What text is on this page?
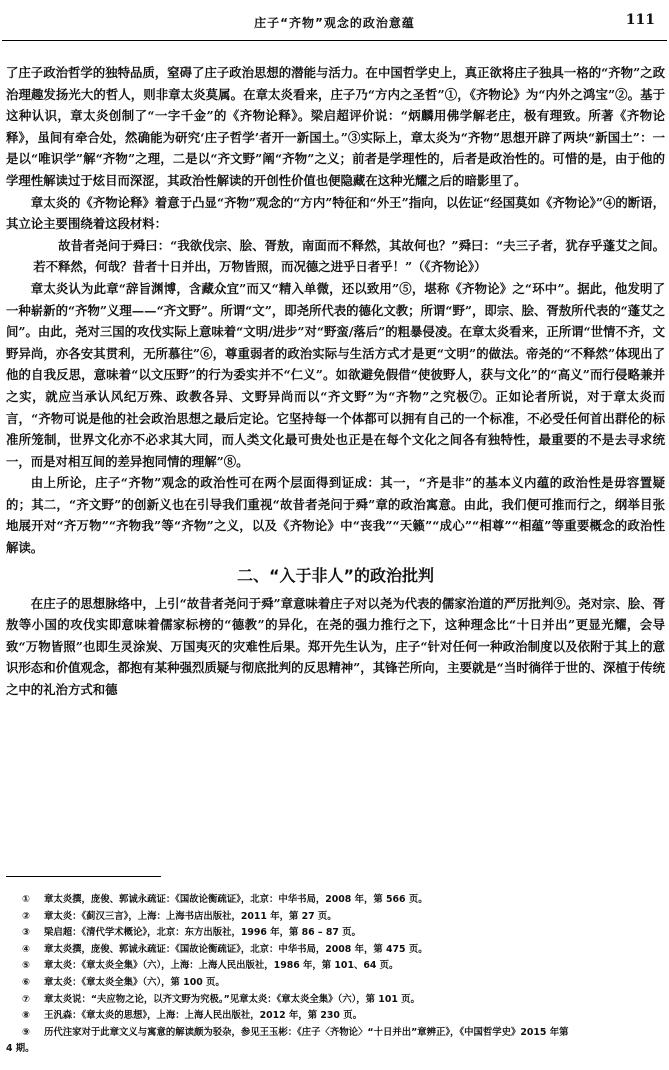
庄子“齐物”观念的政治意蕴	111

了庄子政治哲学的独特品质，窒碍了庄子政治思想的潜能与活力。在中国哲学史上，真正欲将庄子独具一格的“齐物”之政治理趣发扬光大的哲人，则非章太炎莫属。在章太炎看来，庄子乃“方内之圣哲”①，《齐物论》为“内外之鸿宝”②。基于这种认识，章太炎创制了“一字千金”的《齐物论释》。梁启超评价说：“炳麟用佛学解老庄，极有理致。所著《齐物论释》，虽间有牵合处，然确能为研究‘庄子哲学’者开一新国土。”③实际上，章太炎为“齐物”思想开辟了两块“新国土”：一是以“唯识学”解“齐物”之理，二是以“齐文野”阐“齐物”之义；前者是学理性的，后者是政治性的。可惜的是，由于他的学理性解读过于炫目而深涩，其政治性解读的开创性价值也便隐藏在这种光耀之后的暗影里了。

章太炎的《齐物论释》着意于凸显“齐物”观念的“方内”特征和“外王”指向，以佐证“经国莫如《齐物论》”④的断语，其立论主要围绕着这段材料：

故昔者尧问于舜曰：“我欲伐宗、脍、胥敖，南面而不释然，其故何也？”舜曰：“夫三子者，犹存乎蓬艾之间。若不释然，何哉？昔者十日并出，万物皆照，而况德之进乎日者乎！”（《齐物论》）

章太炎认为此章“辞旨渊博，含藏众宜”而又“精入单微，还以致用”⑤，堪称《齐物论》之“环中”。据此，他发明了一种崭新的“齐物”义理——“齐文野”。所谓“文”，即尧所代表的德化文教；所谓“野”，即宗、脍、胥敖所代表的“蓬艾之间”。由此，尧对三国的攻伐实际上意味着“文明/进步”对“野蛮/落后”的粗暴侵凌。在章太炎看来，正所谓“世情不齐，文野异尚，亦各安其贯利，无所慕往”⑥，尊重弱者的政治实际与生活方式才是更“文明”的做法。帝尧的“不释然”体现出了他的自我反思，意味着“以文压野”的行为委实并不“仁义”。如欲避免假借“使彼野人，获与文化”的“高义”而行侵略兼并之实，就应当承认风纪万殊、政教各异、文野异尚而以“齐文野”为“齐物”之究极⑦。正如论者所说，对于章太炎而言，“齐物可说是他的社会政治思想之最后定论。它坚持每一个体都可以拥有自己的一个标准，不必受任何首出群伦的标准所笼制，世界文化亦不必求其大同，而人类文化最可贵处也正是在每个文化之间各有独特性，最重要的不是去寻求统一，而是对相互间的差异抱同情的理解”⑧。

由上所论，庄子“齐物”观念的政治性可在两个层面得到证成：其一，“齐是非”的基本义内蕴的政治性是毋容置疑的；其二，“齐文野”的创新义也在引导我们重视“故昔者尧问于舜”章的政治寓意。由此，我们便可推而行之，纲举目张地展开对“齐万物”“齐物我”等“齐物”之义，以及《齐物论》中“丧我”“天籁”“成心”“相尊”“相蕴”等重要概念的政治性解读。

二、“入于非人”的政治批判

在庄子的思想脉络中，上引“故昔者尧问于舜”章意味着庄子对以尧为代表的儒家治道的严厉批判⑨。尧对宗、脍、胥敖等小国的攻伐实即意味着儒家标榜的“德教”的异化，在尧的强力推行之下，这种理念比“十日并出”更显光耀，会导致“万物皆照”也即生灵涂炭、万国夷灭的灾难性后果。郑开先生认为，庄子“针对任何一种政治制度以及依附于其上的意识形态和价值观念，都抱有某种强烈质疑与彻底批判的反思精神”，其锋芒所向，主要就是“当时徜徉于世的、深植于传统之中的礼治方式和德

① 章太炎撰，庞俊、郭诚永疏证：《国故论衡疏证》，北京：中华书局，2008 年，第 566 页。
② 章太炎：《蓟汉三言》，上海：上海书店出版社，2011 年，第 27 页。
③ 梁启超：《清代学术概论》，北京：东方出版社，1996 年，第 86 – 87 页。
④ 章太炎撰，庞俊、郭诚永疏证：《国故论衡疏证》，北京：中华书局，2008 年，第 475 页。
⑤ 章太炎：《章太炎全集》（六），上海：上海人民出版社，1986 年，第 101、64 页。
⑥ 章太炎：《章太炎全集》（六），第 100 页。
⑦ 章太炎说：“夫应物之论，以齐文野为究极。”见章太炎：《章太炎全集》（六），第 101 页。
⑧ 王汎森：《章太炎的思想》，上海：上海人民出版社，2012 年，第 230 页。
⑨ 历代注家对于此章文义与寓意的解读颇为驳杂，参见王玉彬：《庄子〈齐物论〉“十日并出”章辨正》，《中国哲学史》2015 年第
4 期。
